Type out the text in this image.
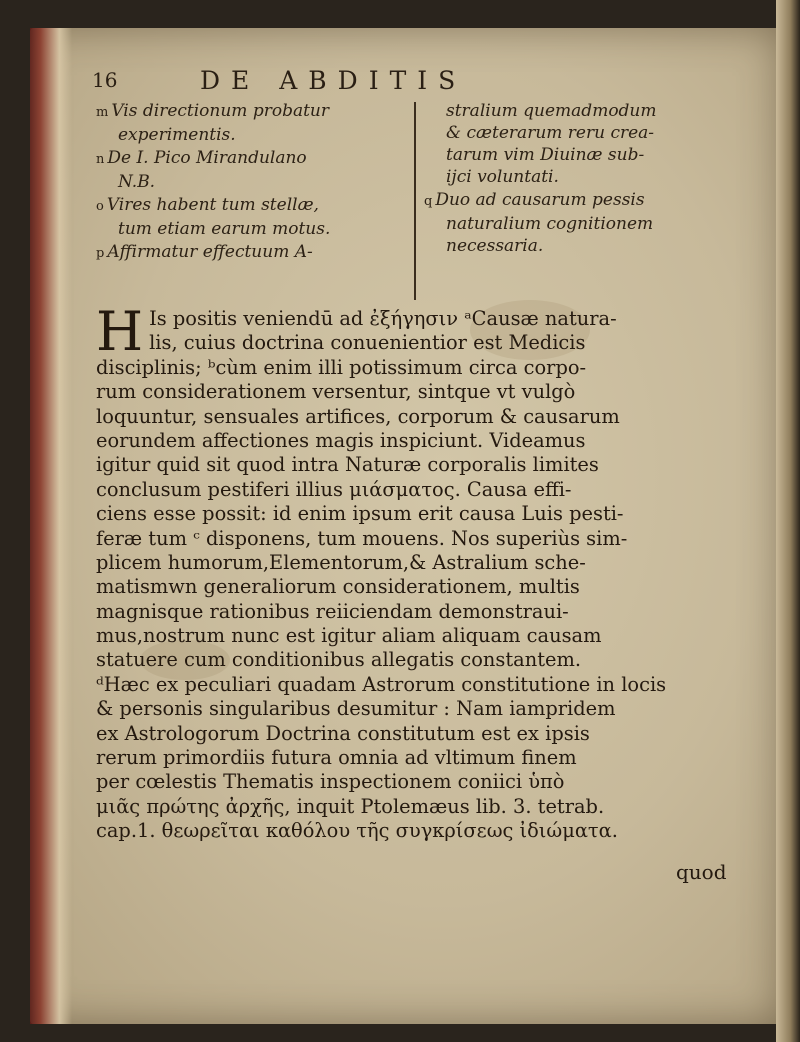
16	DE ABDITIS
m Vis directionum probatur
experimentis.
n De I. Pico Mirandulano
N.B.
o Vires habent tum stellæ,
tum etiam earum motus.
p Affirmatur effectuum A-
stralium quemadmodum
& cæterarum reru crea-
tarum vim Diuinæ sub-
ijci voluntati.
q Duo ad causarum pessis
naturalium cognitionem
necessaria.
H Is positis veniendū ad ἐξήγησιν ᵃCausæ natura-
lis, cuius doctrina conuenientior est Medicis
disciplinis; ᵇcùm enim illi potissimum circa corpo-
rum considerationem versentur, sintque vt vulgò
loquuntur, sensuales artifices, corporum & causarum
eorundem affectiones magis inspiciunt. Videamus
igitur quid sit quod intra Naturæ corporalis limites
conclusum pestiferi illius μιάσματος. Causa effi-
ciens esse possit: id enim ipsum erit causa Luis pesti-
feræ tum ᶜ disponens, tum mouens. Nos superiùs sim-
plicem humorum,Elementorum,& Astralium sche-
matismwn generaliorum considerationem, multis
magnisque rationibus reiiciendam demonstraui-
mus,nostrum nunc est igitur aliam aliquam causam
statuere cum conditionibus allegatis constantem.
ᵈHæc ex peculiari quadam Astrorum constitutione in locis
& personis singularibus desumitur : Nam iampridem
ex Astrologorum Doctrina constitutum est ex ipsis
rerum primordiis futura omnia ad vltimum finem
per cœlestis Thematis inspectionem coniici ὑπὸ
μιᾶς πρώτης ἀρχῆς, inquit Ptolemæus lib. 3. tetrab.
cap.1. θεωρεῖται καθόλου τῆς συγκρίσεως ἰδιώματα.
quod
